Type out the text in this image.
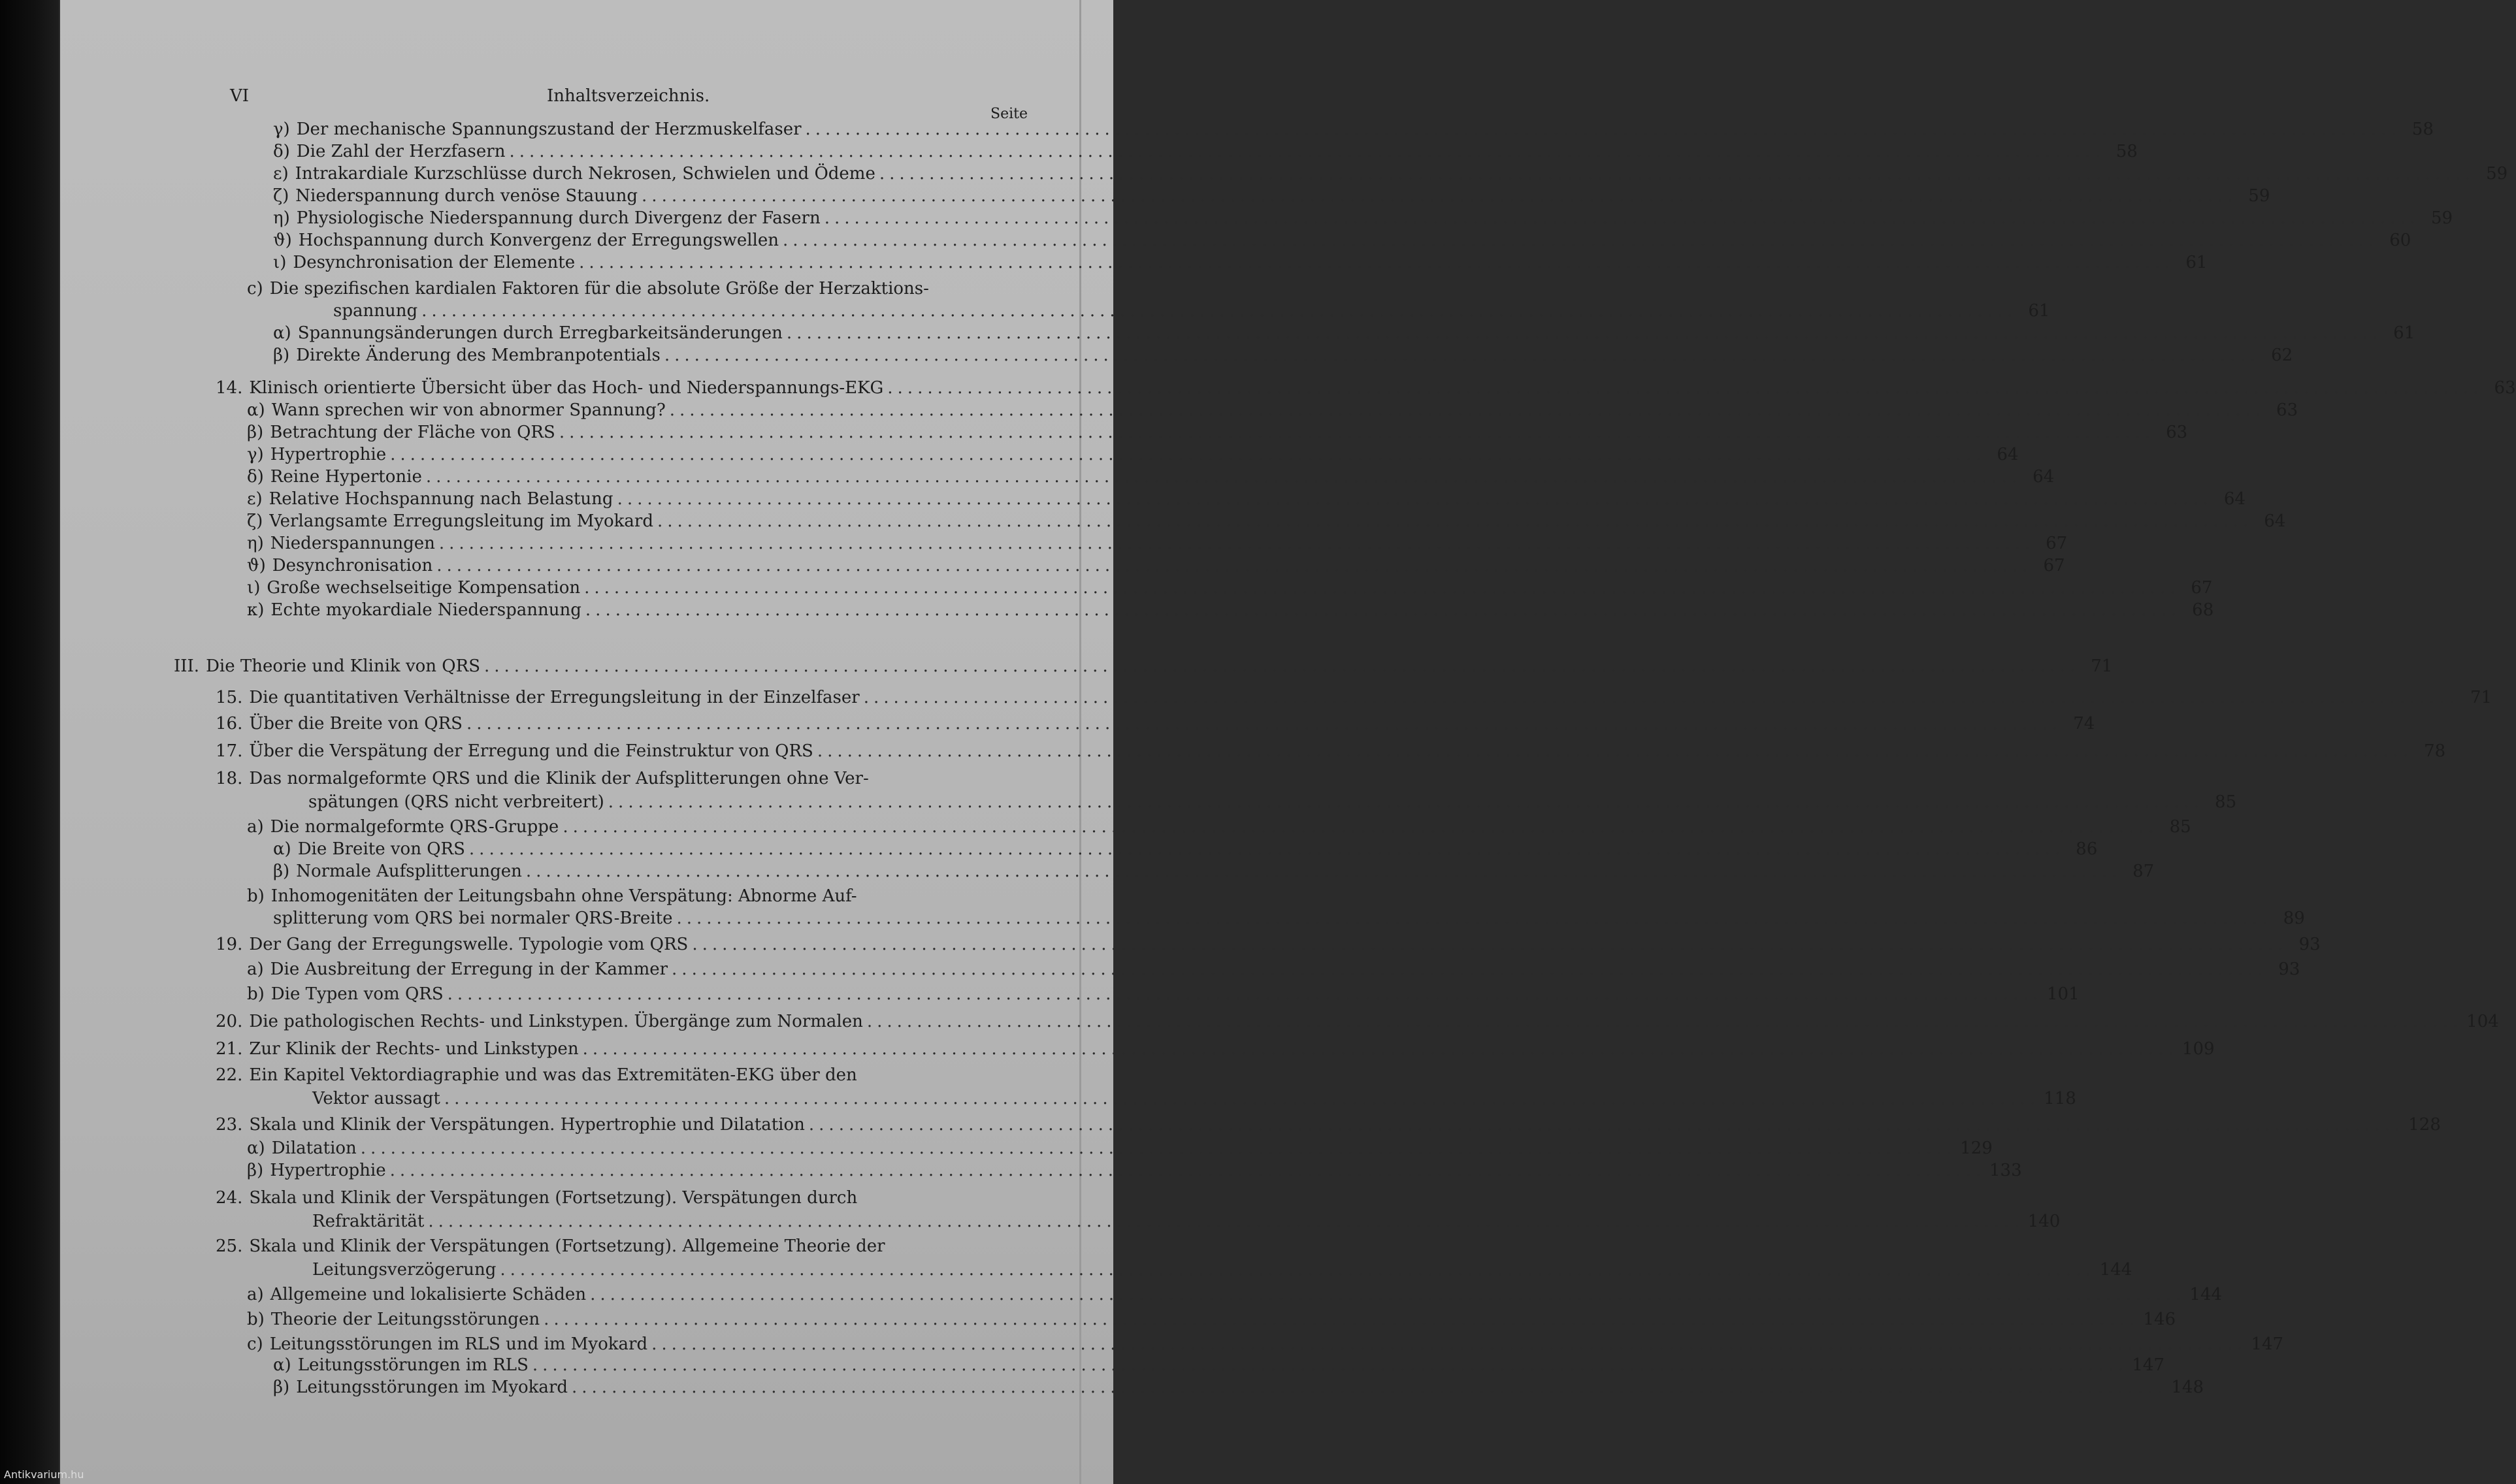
VI	Inhaltsverzeichnis.
Seite
γ) Der mechanische Spannungszustand der Herzmuskelfaser ................................................................................................................................................................ 58
δ) Die Zahl der Herzfasern ................................................................................................................................................................ 58
ε) Intrakardiale Kurzschlüsse durch Nekrosen, Schwielen und Ödeme ................................................................................................................................................................ 59
ζ) Niederspannung durch venöse Stauung ................................................................................................................................................................ 59
η) Physiologische Niederspannung durch Divergenz der Fasern ................................................................................................................................................................ 59
ϑ) Hochspannung durch Konvergenz der Erregungswellen ................................................................................................................................................................ 60
ι) Desynchronisation der Elemente ................................................................................................................................................................ 61
c) Die spezifischen kardialen Faktoren für die absolute Größe der Herzaktions-
spannung ................................................................................................................................................................ 61
α) Spannungsänderungen durch Erregbarkeitsänderungen ................................................................................................................................................................ 61
β) Direkte Änderung des Membranpotentials ................................................................................................................................................................ 62
14. Klinisch orientierte Übersicht über das Hoch- und Niederspannungs-EKG ................................................................................................................................................................ 63
α) Wann sprechen wir von abnormer Spannung? ................................................................................................................................................................ 63
β) Betrachtung der Fläche von QRS ................................................................................................................................................................ 63
γ) Hypertrophie ................................................................................................................................................................ 64
δ) Reine Hypertonie ................................................................................................................................................................ 64
ε) Relative Hochspannung nach Belastung ................................................................................................................................................................ 64
ζ) Verlangsamte Erregungsleitung im Myokard ................................................................................................................................................................ 64
η) Niederspannungen ................................................................................................................................................................ 67
ϑ) Desynchronisation ................................................................................................................................................................ 67
ι) Große wechselseitige Kompensation ................................................................................................................................................................ 67
κ) Echte myokardiale Niederspannung ................................................................................................................................................................ 68
III. Die Theorie und Klinik von QRS ................................................................................................................................................................ 71
15. Die quantitativen Verhältnisse der Erregungsleitung in der Einzelfaser ................................................................................................................................................................ 71
16. Über die Breite von QRS ................................................................................................................................................................ 74
17. Über die Verspätung der Erregung und die Feinstruktur von QRS ................................................................................................................................................................ 78
18. Das normalgeformte QRS und die Klinik der Aufsplitterungen ohne Ver-
spätungen (QRS nicht verbreitert) ................................................................................................................................................................ 85
a) Die normalgeformte QRS-Gruppe ................................................................................................................................................................ 85
α) Die Breite von QRS ................................................................................................................................................................ 86
β) Normale Aufsplitterungen ................................................................................................................................................................ 87
b) Inhomogenitäten der Leitungsbahn ohne Verspätung: Abnorme Auf-
splitterung vom QRS bei normaler QRS-Breite ................................................................................................................................................................ 89
19. Der Gang der Erregungswelle. Typologie vom QRS ................................................................................................................................................................ 93
a) Die Ausbreitung der Erregung in der Kammer ................................................................................................................................................................ 93
b) Die Typen vom QRS ................................................................................................................................................................ 101
20. Die pathologischen Rechts- und Linkstypen. Übergänge zum Normalen ................................................................................................................................................................ 104
21. Zur Klinik der Rechts- und Linkstypen ................................................................................................................................................................ 109
22. Ein Kapitel Vektordiagraphie und was das Extremitäten-EKG über den
Vektor aussagt ................................................................................................................................................................ 118
23. Skala und Klinik der Verspätungen. Hypertrophie und Dilatation ................................................................................................................................................................ 128
α) Dilatation ................................................................................................................................................................ 129
β) Hypertrophie ................................................................................................................................................................ 133
24. Skala und Klinik der Verspätungen (Fortsetzung). Verspätungen durch
Refraktärität ................................................................................................................................................................ 140
25. Skala und Klinik der Verspätungen (Fortsetzung). Allgemeine Theorie der
Leitungsverzögerung ................................................................................................................................................................ 144
a) Allgemeine und lokalisierte Schäden ................................................................................................................................................................ 144
b) Theorie der Leitungsstörungen ................................................................................................................................................................ 146
c) Leitungsstörungen im RLS und im Myokard ................................................................................................................................................................ 147
α) Leitungsstörungen im RLS ................................................................................................................................................................ 147
β) Leitungsstörungen im Myokard ................................................................................................................................................................ 148
Antikvarium.hu
